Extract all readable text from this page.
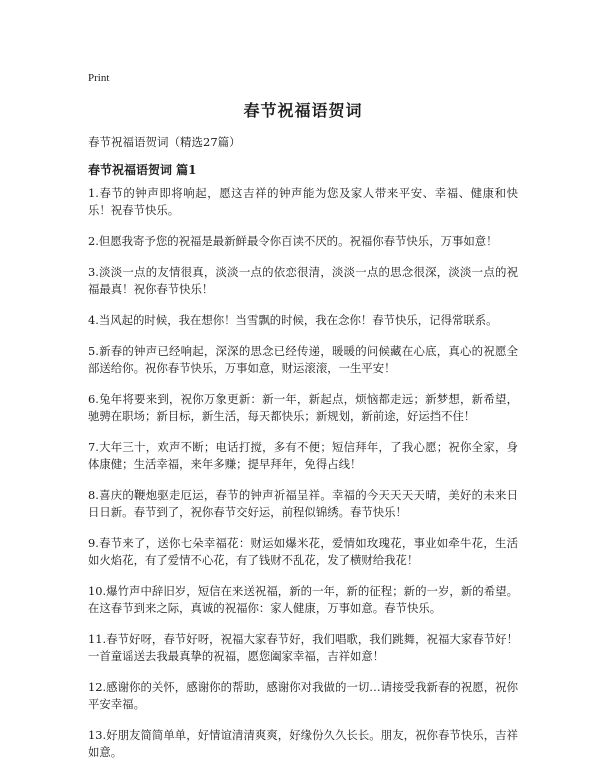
Print
春节祝福语贺词
春节祝福语贺词（精选27篇）
春节祝福语贺词 篇1

1.春节的钟声即将响起，愿这吉祥的钟声能为您及家人带来平安、幸福、健康和快乐！祝春节快乐。

2.但愿我寄予您的祝福是最新鲜最令你百读不厌的。祝福你春节快乐，万事如意！

3.淡淡一点的友情很真，淡淡一点的依恋很清，淡淡一点的思念很深，淡淡一点的祝福最真！祝你春节快乐！

4.当风起的时候，我在想你！当雪飘的时候，我在念你！春节快乐，记得常联系。

5.新春的钟声已经响起，深深的思念已经传递，暖暖的问候藏在心底，真心的祝愿全部送给你。祝你春节快乐，万事如意，财运滚滚，一生平安！

6.兔年将要来到，祝你万象更新：新一年，新起点，烦恼都走远；新梦想，新希望，驰骋在职场；新目标，新生活，每天都快乐；新规划，新前途，好运挡不住！

7.大年三十，欢声不断；电话打搅，多有不便；短信拜年，了我心愿；祝你全家，身体康健；生活幸福，来年多赚；提早拜年，免得占线！

8.喜庆的鞭炮驱走厄运，春节的钟声祈福呈祥。幸福的今天天天天晴，美好的未来日日日新。春节到了，祝你春节交好运，前程似锦绣。春节快乐！

9.春节来了，送你七朵幸福花：财运如爆米花，爱情如玫瑰花，事业如牵牛花，生活如火焰花，有了爱情不心花，有了钱财不乱花，发了横财给我花！

10.爆竹声中辞旧岁，短信在来送祝福，新的一年，新的征程；新的一岁，新的希望。在这春节到来之际，真诚的祝福你：家人健康，万事如意。春节快乐。

11.春节好呀，春节好呀，祝福大家春节好，我们唱歌，我们跳舞，祝福大家春节好！一首童谣送去我最真挚的祝福，愿您阖家幸福，吉祥如意！

12.感谢你的关怀，感谢你的帮助，感谢你对我做的一切…请接受我新春的祝愿，祝你平安幸福。

13.好朋友简简单单，好情谊清清爽爽，好缘份久久长长。朋友，祝你春节快乐，吉祥如意。
